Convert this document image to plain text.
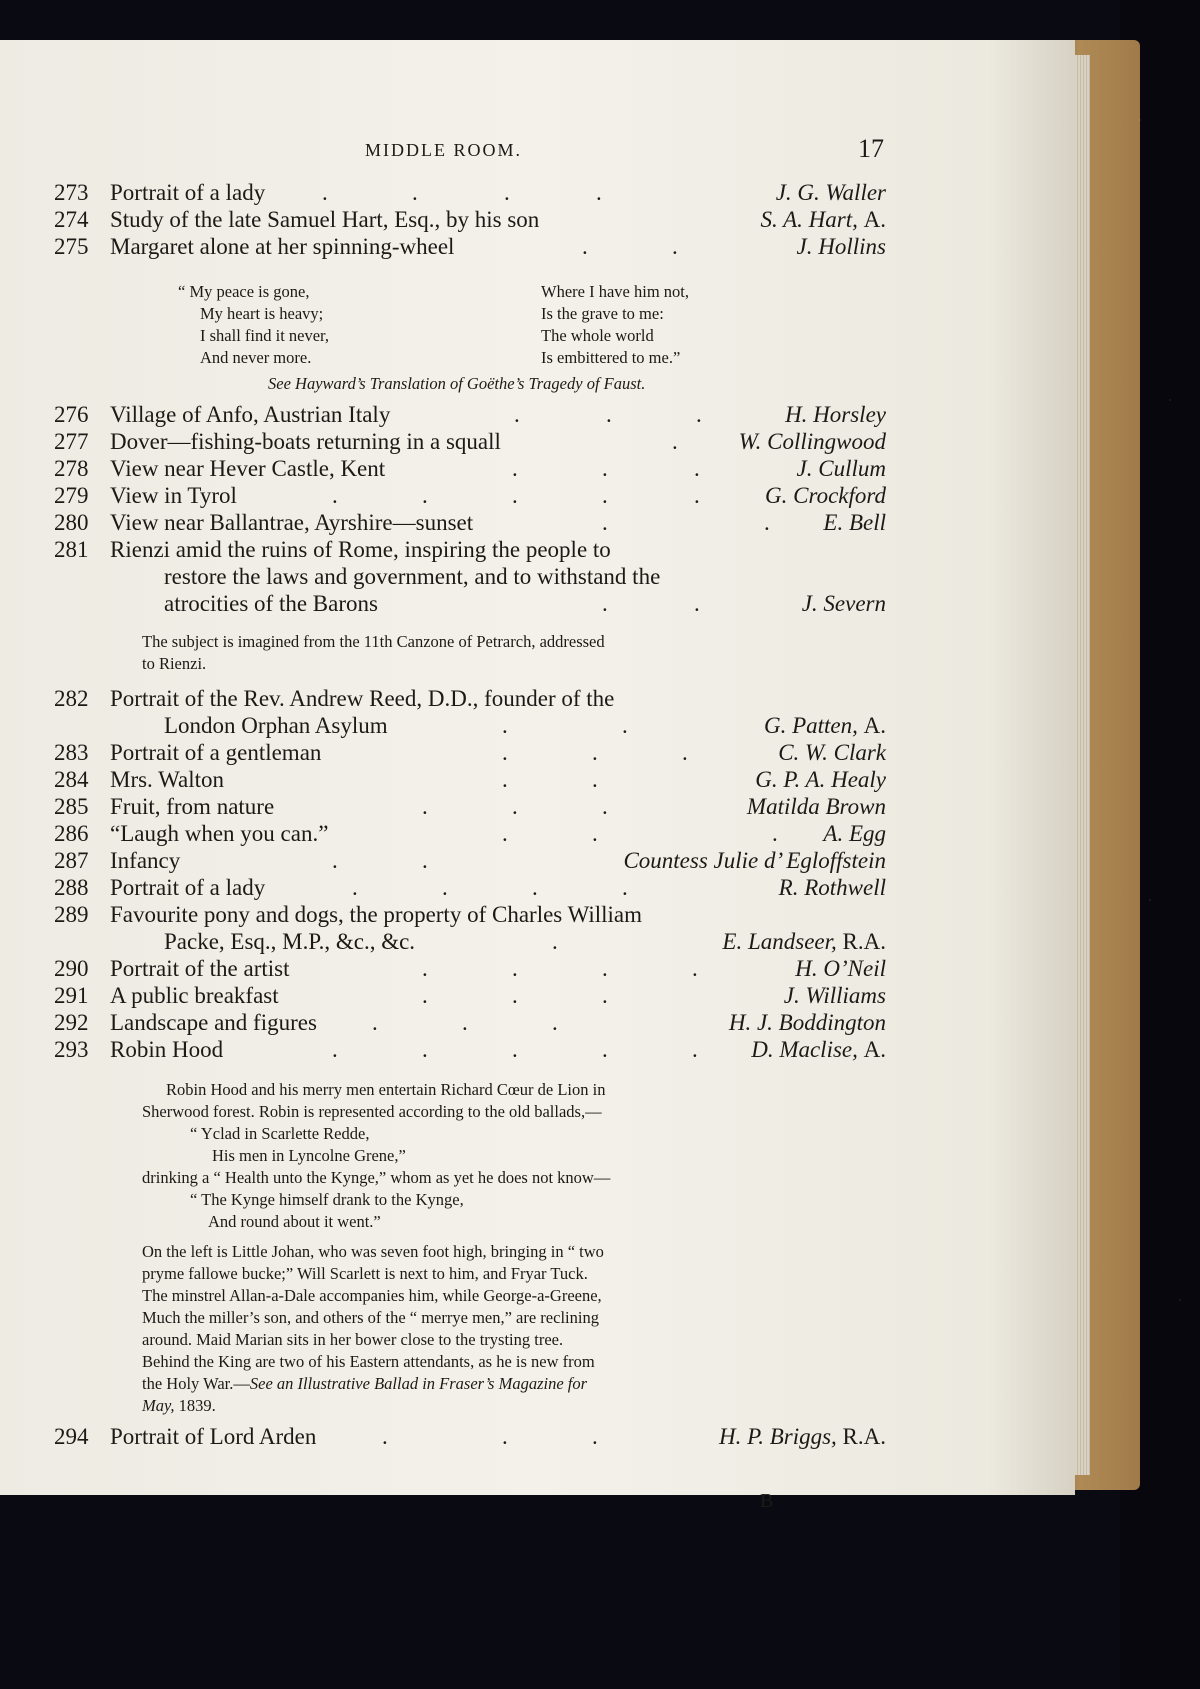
MIDDLE ROOM.	17
273 Portrait of a lady .	.	.	.	J. G. Waller
274 Study of the late Samuel Hart, Esq., by his son	S. A. Hart, A.
275 Margaret alone at her spinning-wheel	.	.	J. Hollins
“ My peace is gone,
My heart is heavy;
I shall find it never,
And never more.
Where I have him not,
Is the grave to me:
The whole world
Is embittered to me.”
See Hayward’s Translation of Goëthe’s Tragedy of Faust.
276 Village of Anfo, Austrian Italy	.	.	.	H. Horsley
277 Dover—fishing-boats returning in a squall	.	W. Collingwood
278 View near Hever Castle, Kent	.	.	.	J. Cullum
279 View in Tyrol	.	.	.	.	.	G. Crockford
280 View near Ballantrae, Ayrshire—sunset	.	. E. Bell
281 Rienzi amid the ruins of Rome, inspiring the people to
restore the laws and government, and to withstand the
atrocities of the Barons	.	.	J. Severn
The subject is imagined from the 11th Canzone of Petrarch, addressed
to Rienzi.
282 Portrait of the Rev. Andrew Reed, D.D., founder of the
London Orphan Asylum	.	.	G. Patten, A.
283 Portrait of a gentleman	.	.	.	C. W. Clark
284 Mrs. Walton	.	.	G. P. A. Healy
285 Fruit, from nature	.	.	.	Matilda Brown
286 “Laugh when you can.”	.	.	. A. Egg
287 Infancy	.	.	Countess Julie d’ Egloffstein
288 Portrait of a lady	.	.	.	.	R. Rothwell
289 Favourite pony and dogs, the property of Charles William
Packe, Esq., M.P., &c., &c.	.	E. Landseer, R.A.
290 Portrait of the artist	.	.	.	.	H. O’Neil
291 A public breakfast	.	.	.	J. Williams
292 Landscape and figures .	.	.	H. J. Boddington
293 Robin Hood	.	.	.	.	. D. Maclise, A.
Robin Hood and his merry men entertain Richard Cœur de Lion in
Sherwood forest. Robin is represented according to the old ballads,—
“ Yclad in Scarlette Redde,
His men in Lyncolne Grene,”
drinking a “ Health unto the Kynge,” whom as yet he does not know—
“ The Kynge himself drank to the Kynge,
And round about it went.”
On the left is Little Johan, who was seven foot high, bringing in “ two
pryme fallowe bucke;” Will Scarlett is next to him, and Fryar Tuck.
The minstrel Allan-a-Dale accompanies him, while George-a-Greene,
Much the miller’s son, and others of the “ merrye men,” are reclining
around. Maid Marian sits in her bower close to the trysting tree.
Behind the King are two of his Eastern attendants, as he is new from
the Holy War.—See an Illustrative Ballad in Fraser’s Magazine for
May, 1839.
294 Portrait of Lord Arden	.	.	.	H. P. Briggs, R.A.
B
